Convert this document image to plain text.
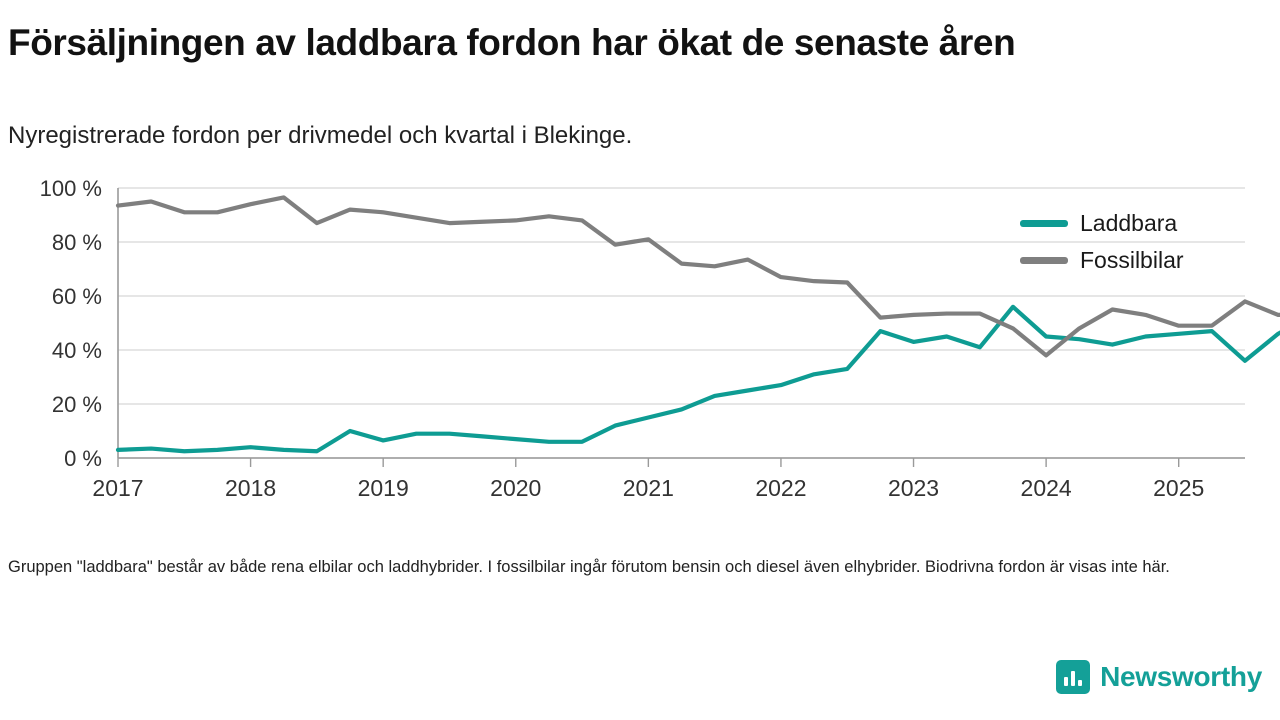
Försäljningen av laddbara fordon har ökat de senaste åren
Nyregistrerade fordon per drivmedel och kvartal i Blekinge.
0 %
20 %
40 %
60 %
80 %
100 %
2017	2018	2019	2020	2021	2022	2023	2024	2025
Laddbara
Fossilbilar
Gruppen "laddbara" består av både rena elbilar och laddhybrider. I fossilbilar ingår förutom bensin och diesel även elhybrider. Biodrivna fordon är visas inte här.
Newsworthy
